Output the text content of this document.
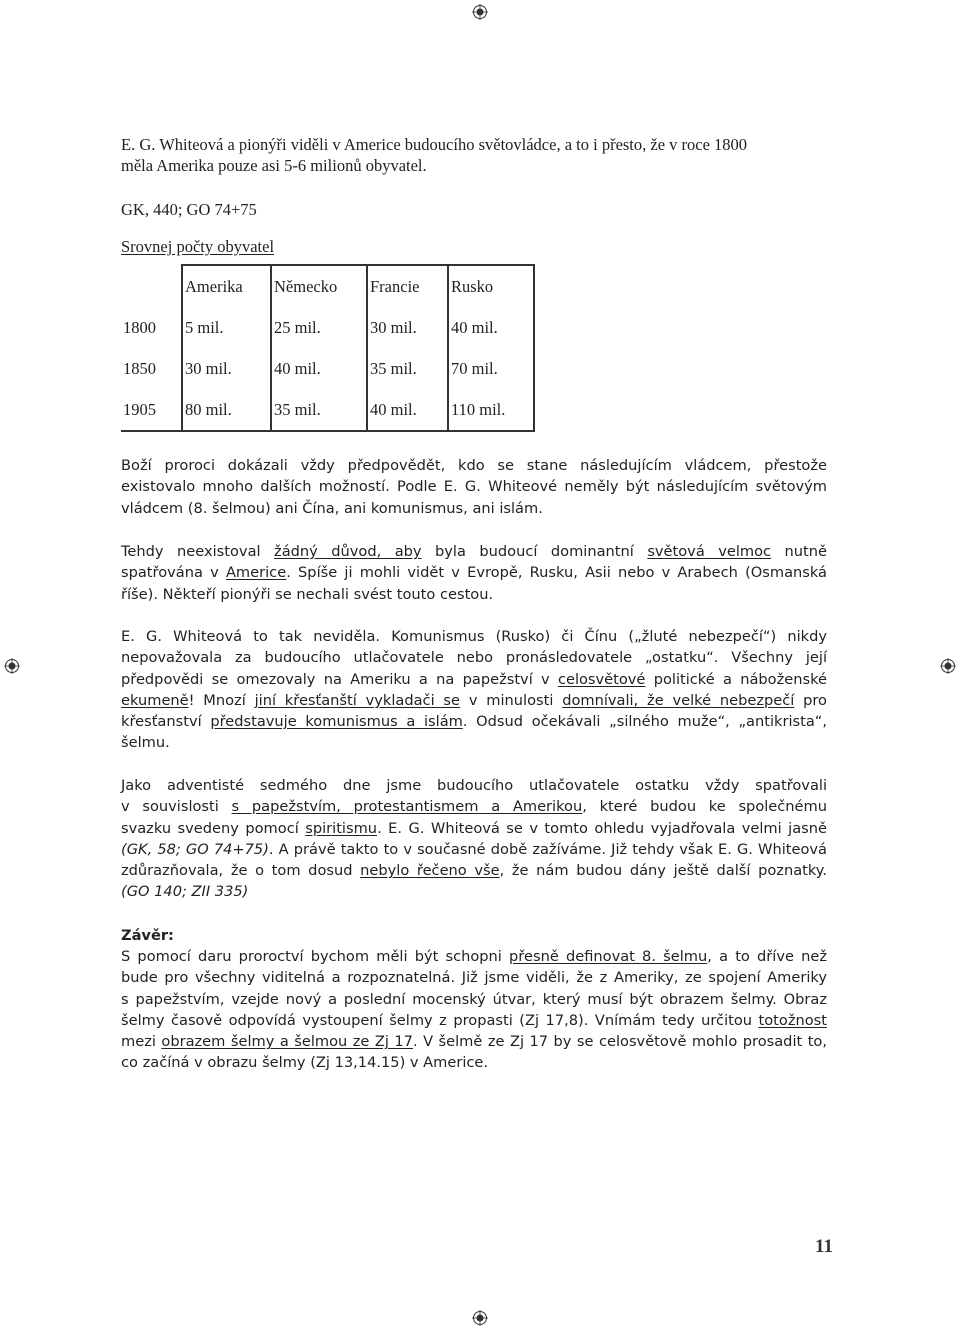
E. G. Whiteová a pionýři viděli v Americe budoucího světovládce, a to i přesto, že v roce 1800
měla Amerika pouze asi 5-6 milionů obyvatel.
GK, 440; GO 74+75
Srovnej počty obyvatel
	Amerika	Německo	Francie	Rusko
1800	5 mil.	25 mil.	30 mil.	40 mil.
1850	30 mil.	40 mil.	35 mil.	70 mil.
1905	80 mil.	35 mil.	40 mil.	110 mil.
Boží proroci dokázali vždy předpovědět, kdo se stane následujícím vládcem, přestože
existovalo mnoho dalších možností. Podle E. G. Whiteové neměly být následujícím světovým
vládcem (8. šelmou) ani Čína, ani komunismus, ani islám.
Tehdy neexistoval žádný důvod, aby byla budoucí dominantní světová velmoc nutně
spatřována v Americe. Spíše ji mohli vidět v Evropě, Rusku, Asii nebo v Arabech (Osmanská
říše). Někteří pionýři se nechali svést touto cestou.
E. G. Whiteová to tak neviděla. Komunismus (Rusko) či Čínu („žluté nebezpečí“) nikdy
nepovažovala za budoucího utlačovatele nebo pronásledovatele „ostatku“. Všechny její
předpovědi se omezovaly na Ameriku a na papežství v celosvětové politické a náboženské
ekumeně! Mnozí jiní křesťanští vykladači se v minulosti domnívali, že velké nebezpečí pro
křesťanství představuje komunismus a islám. Odsud očekávali „silného muže“, „antikrista“,
šelmu.
Jako adventisté sedmého dne jsme budoucího utlačovatele ostatku vždy spatřovali
v souvislosti s papežstvím, protestantismem a Amerikou, které budou ke společnému
svazku svedeny pomocí spiritismu. E. G. Whiteová se v tomto ohledu vyjadřovala velmi jasně
(GK, 58; GO 74+75). A právě takto to v současné době zažíváme. Již tehdy však E. G. Whiteová
zdůrazňovala, že o tom dosud nebylo řečeno vše, že nám budou dány ještě další poznatky.
(GO 140; ZII 335)
Závěr:
S pomocí daru proroctví bychom měli být schopni přesně definovat 8. šelmu, a to dříve než
bude pro všechny viditelná a rozpoznatelná. Již jsme viděli, že z Ameriky, ze spojení Ameriky
s papežstvím, vzejde nový a poslední mocenský útvar, který musí být obrazem šelmy. Obraz
šelmy časově odpovídá vystoupení šelmy z propasti (Zj 17,8). Vnímám tedy určitou totožnost
mezi obrazem šelmy a šelmou ze Zj 17. V šelmě ze Zj 17 by se celosvětově mohlo prosadit to,
co začíná v obrazu šelmy (Zj 13,14.15) v Americe.
11
